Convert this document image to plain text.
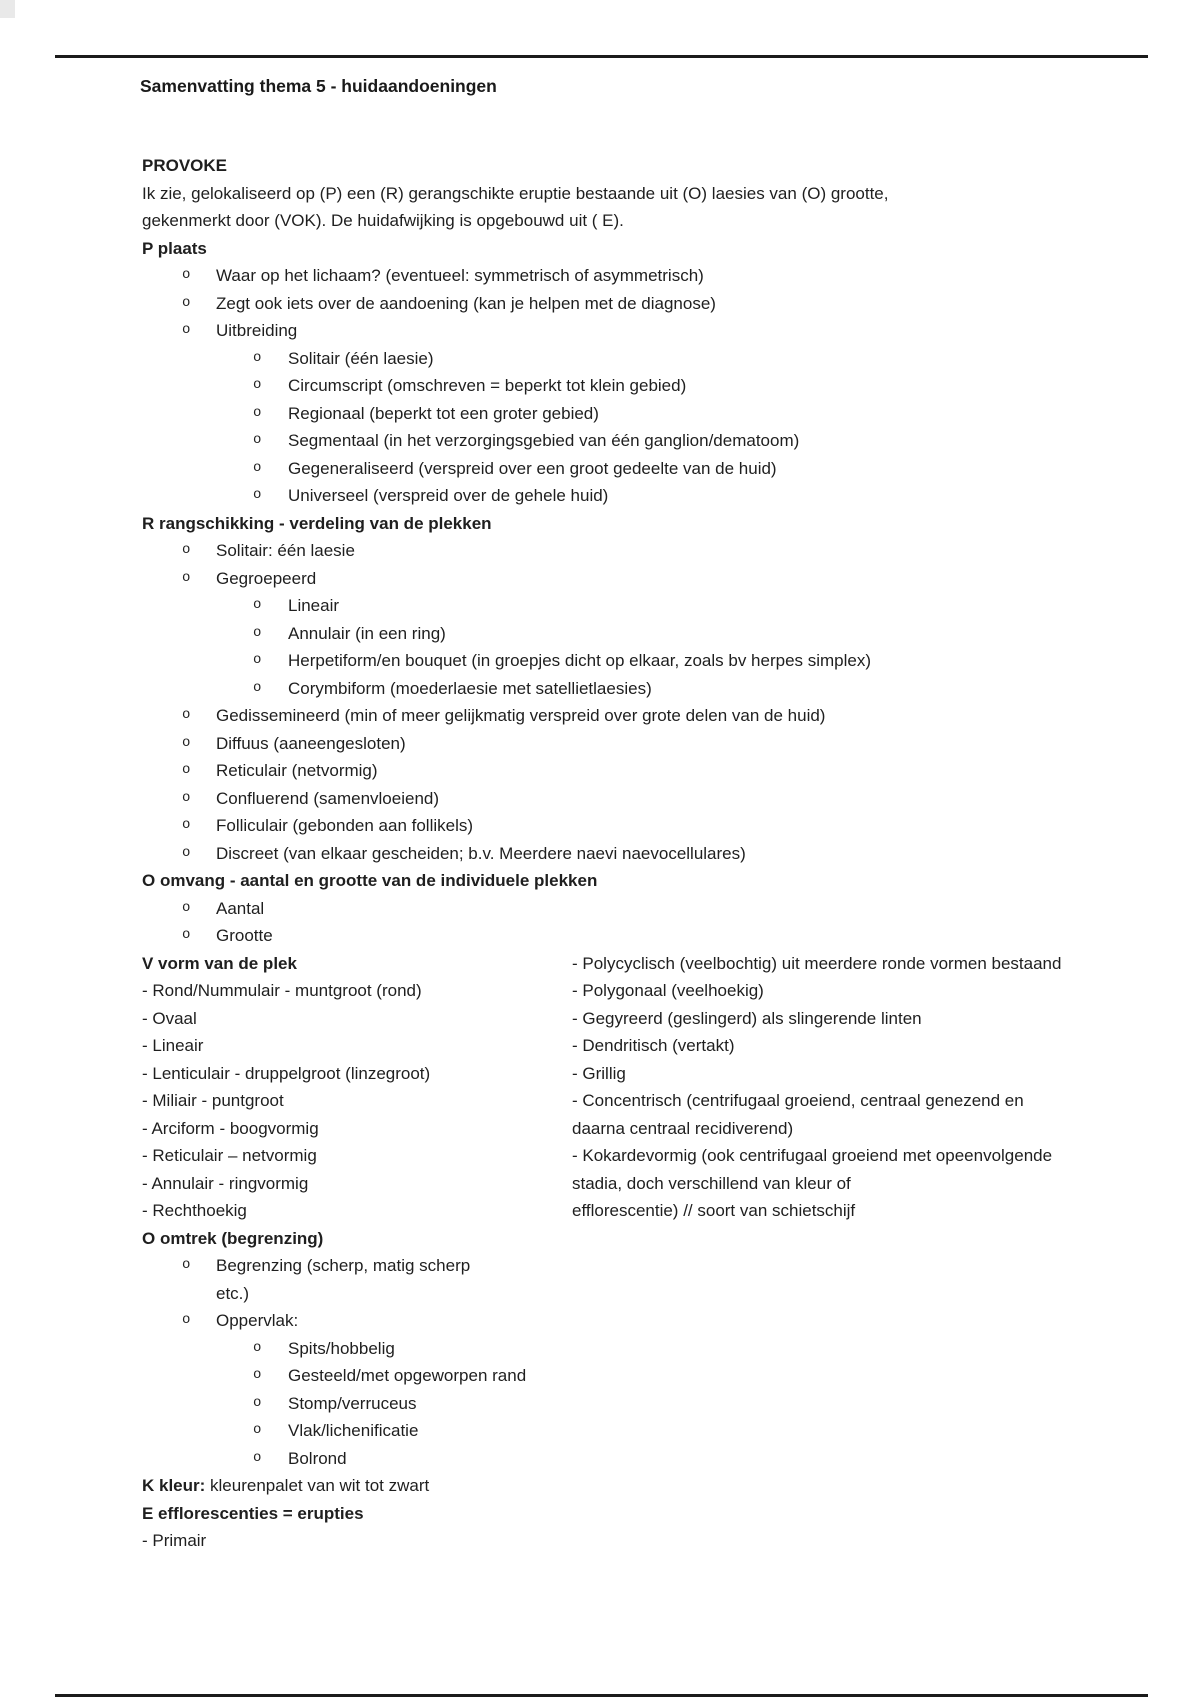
Samenvatting thema 5 - huidaandoeningen
PROVOKE
Ik zie, gelokaliseerd op (P) een (R) gerangschikte eruptie bestaande uit (O) laesies van (O) grootte,
gekenmerkt door (VOK). De huidafwijking is opgebouwd uit ( E).
P plaats
o Waar op het lichaam? (eventueel: symmetrisch of asymmetrisch)
o Zegt ook iets over de aandoening (kan je helpen met de diagnose)
o Uitbreiding
o Solitair (één laesie)
o Circumscript (omschreven = beperkt tot klein gebied)
o Regionaal (beperkt tot een groter gebied)
o Segmentaal (in het verzorgingsgebied van één ganglion/dematoom)
o Gegeneraliseerd (verspreid over een groot gedeelte van de huid)
o Universeel (verspreid over de gehele huid)
R rangschikking - verdeling van de plekken
o Solitair: één laesie
o Gegroepeerd
o Lineair
o Annulair (in een ring)
o Herpetiform/en bouquet (in groepjes dicht op elkaar, zoals bv herpes simplex)
o Corymbiform (moederlaesie met satellietlaesies)
o Gedissemineerd (min of meer gelijkmatig verspreid over grote delen van de huid)
o Diffuus (aaneengesloten)
o Reticulair (netvormig)
o Confluerend (samenvloeiend)
o Folliculair (gebonden aan follikels)
o Discreet (van elkaar gescheiden; b.v. Meerdere naevi naevocellulares)
O omvang - aantal en grootte van de individuele plekken
o Aantal
o Grootte
V vorm van de plek
- Rond/Nummulair - muntgroot (rond)
- Ovaal
- Lineair
- Lenticulair - druppelgroot (linzegroot)
- Miliair - puntgroot
- Arciform - boogvormig
- Reticulair – netvormig
- Annulair - ringvormig
- Rechthoekig
O omtrek (begrenzing)
o Begrenzing (scherp, matig scherp
etc.)
o Oppervlak:
o Spits/hobbelig
o Gesteeld/met opgeworpen rand
o Stomp/verruceus
o Vlak/lichenificatie
o Bolrond
K kleur: kleurenpalet van wit tot zwart
E efflorescenties = erupties
- Primair
- Polycyclisch (veelbochtig) uit meerdere ronde vormen bestaand
- Polygonaal (veelhoekig)
- Gegyreerd (geslingerd) als slingerende linten
- Dendritisch (vertakt)
- Grillig
- Concentrisch (centrifugaal groeiend, centraal genezend en
daarna centraal recidiverend)
- Kokardevormig (ook centrifugaal groeiend met opeenvolgende
stadia, doch verschillend van kleur of
efflorescentie) // soort van schietschijf
